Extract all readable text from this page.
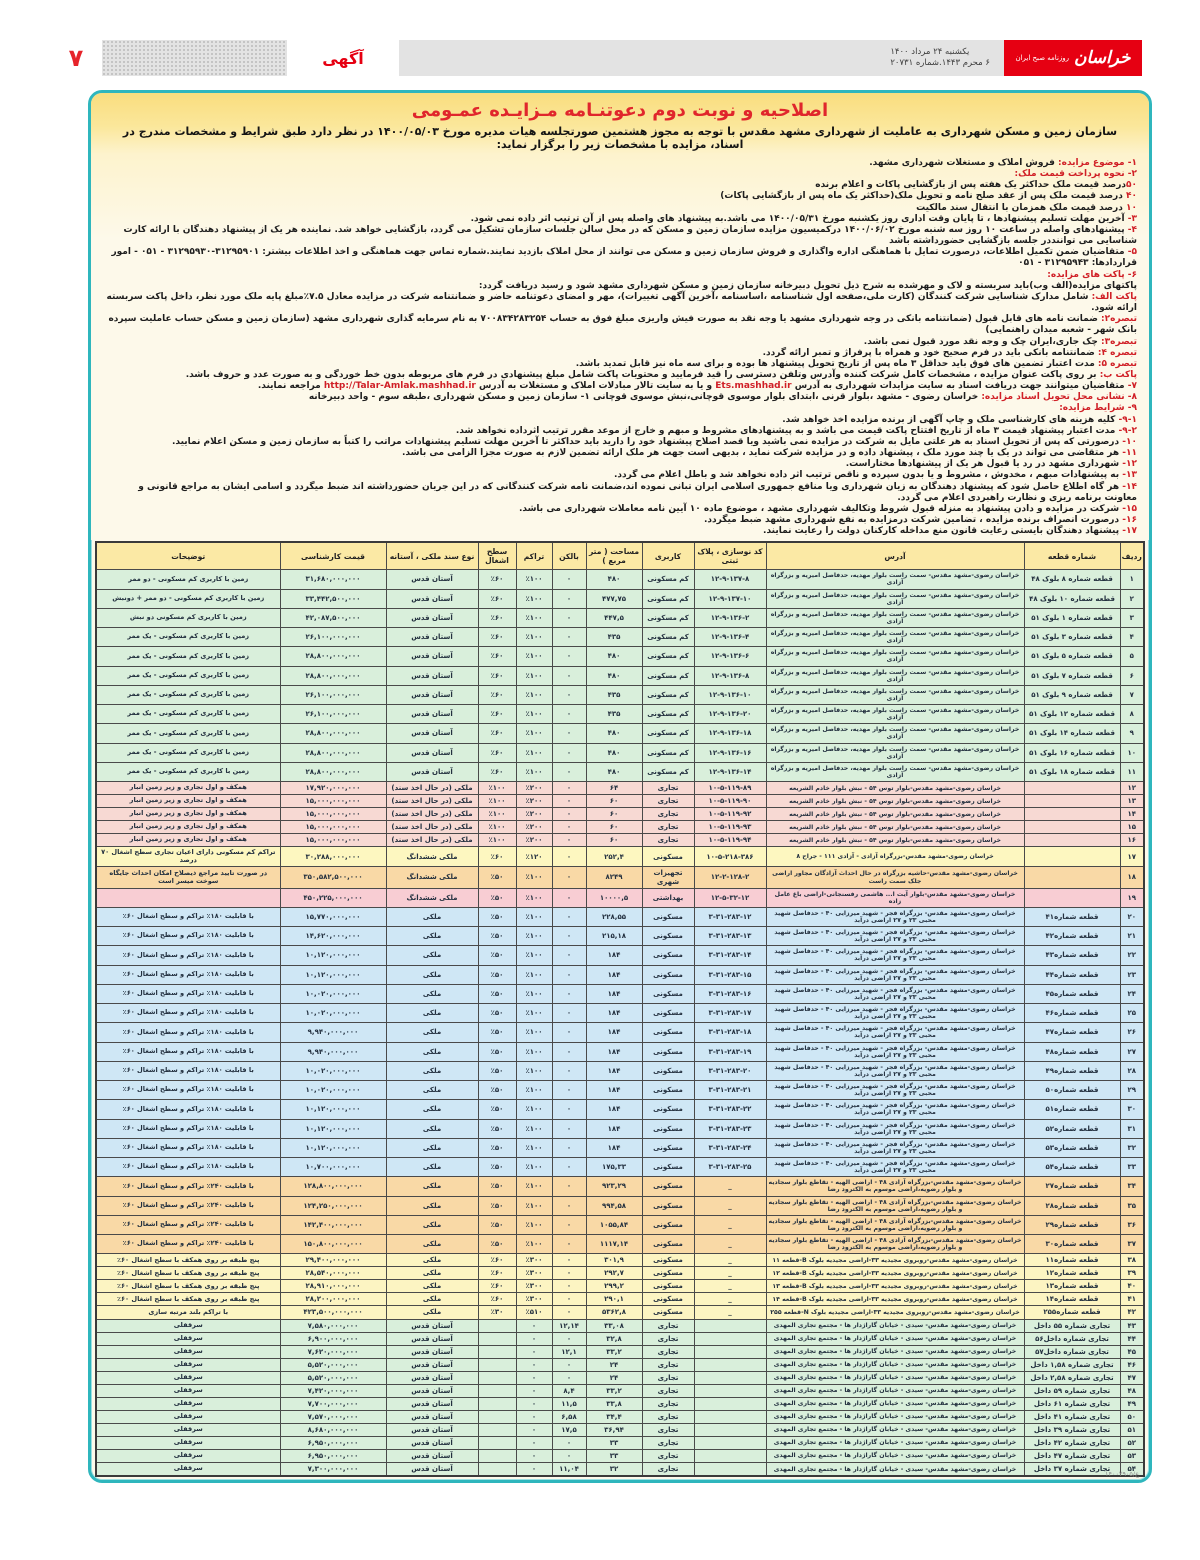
خراسان
روزنامه صبح ایران
یکشنبه ۲۴ مرداد ۱۴۰۰
۶ محرم ۱۴۴۳.شماره ۲۰۷۳۱
آگهی
۷
اصلاحیه و نوبت دوم دعوتنـامه مـزایـده عمـومی
سازمان زمین و مسکن شهرداری به عاملیت از شهرداری مشهد مقدس با توجه به مجوز هشتمین صورتجلسه هیات مدیره مورخ ۱۴۰۰/۰۵/۰۳ در نظر دارد طبق شرایط و مشخصات مندرج در اسناد، مزایده با مشخصات زیر را برگزار نماید:
۱- موضوع مزایده: فروش املاک و مستغلات شهرداری مشهد.
۲- نحوه پرداخت قیمت ملک:
۵۰درصد قیمت ملک حداکثر یک هفته پس از بازگشایی پاکات و اعلام برنده
۴۰ درصد قیمت ملک پس از عقد صلح نامه و تحویل ملک(حداکثر یک ماه پس از بازگشایی پاکات)
۱۰ درصد قیمت ملک همزمان با انتقال سند مالکیت
۳- آخرین مهلت تسلیم پیشنهادها ، تا پایان وقت اداری روز یکشنبه مورخ ۱۴۰۰/۰۵/۳۱ می باشد.به پیشنهاد های واصله پس از آن ترتیب اثر داده نمی شود.
۴- پیشنهادهای واصله در ساعت ۱۰ روز سه شنبه مورخ ۱۴۰۰/۰۶/۰۲ درکمیسیون مزایده سازمان زمین و مسکن که در محل سالن جلسات سازمان تشکیل می گردد، بازگشایی خواهد شد. نماینده هر یک از پیشنهاد دهندگان با ارائه کارت شناسایی می تواننددر جلسه بازگشایی حضورداشته باشد
۵- متقاضیان ضمن تکمیل اطلاعات، درصورت تمایل با هماهنگی اداره واگذاری و فروش سازمان زمین و مسکن می توانند از محل املاک بازدید نمایند.شماره تماس جهت هماهنگی و اخذ اطلاعات بیشتر: ۳۱۲۹۵۹۰۱-۳۱۲۹۵۹۳۰ - ۰۵۱ - امور قراردادها: ۳۱۲۹۵۹۴۳ - ۰۵۱
۶- پاکت های مزایده:
پاکتهای مزایده(الف وب)باید سربسته و لاک و مهرشده به شرح ذیل تحویل دبیرخانه سازمان زمین و مسکن شهرداری مشهد شود و رسید دریافت گردد:
پاکت الف: شامل مدارک شناسایی شرکت کنندگان (کارت ملی،صفحه اول شناسنامه ،اساسنامه ،آخرین آگهی تغییرات)، مهر و امضای دعوتنامه حاضر و ضمانتنامه شرکت در مزایده معادل ۷.۵٪مبلغ پایه ملک مورد نظر، داخل پاکت سربسته ارائه شود.
تبصره۲: ضمانت نامه های قابل قبول (ضمانتنامه بانکی در وجه شهرداری مشهد یا وجه نقد به صورت فیش واریزی مبلغ فوق به حساب ۷۰۰۸۳۴۲۸۳۲۵۴ به نام سرمایه گذاری شهرداری مشهد (سازمان زمین و مسکن حساب عاملیت سپرده بانک شهر - شعبه میدان راهنمایی)
تبصره۳: چک جاری،ایران چک و وجه نقد مورد قبول نمی باشد.
تبصره ۴: ضمانتنامه بانکی باید در فرم صحیح خود و همراه با پرفراژ و تمبر ارائه گردد.
تبصره ۵: مدت اعتبار تضمین های فوق باید حداقل ۳ ماه پس از تاریخ تحویل پیشنهاد ها بوده و برای سه ماه نیز قابل تمدید باشد.
پاکت ب: بر روی پاکت عنوان مزایده ، مشخصات کامل شرکت کننده وآدرس وتلفن دسترسی را قید فرمایید و محتویات پاکت شامل مبلغ پیشنهادی در فرم های مربوطه بدون خط خوردگی و به صورت عدد و حروف باشد.
۷- متقاضیان میتوانند جهت دریافت اسناد به سایت مزایدات شهرداری به آدرس Ets.mashhad.ir و یا به سایت تالار مبادلات املاک و مستغلات به آدرس http://Talar-Amlak.mashhad.ir مراجعه نمایند.
۸- نشانی محل تحویل اسناد مزایده: خراسان رضوی - مشهد ،بلوار قرنی ،ابتدای بلوار موسوی قوچانی،نبش موسوی قوچانی ۱- سازمان زمین و مسکن شهرداری ،طبقه سوم - واحد دبیرخانه
۹- شرایط مزایده:
۹-۱- کلیه هزینه های کارشناسی ملک و چاپ آگهی از برنده مزایده اخذ خواهد شد.
۹-۲- مدت اعتبار پیشنهاد قیمت ۳ ماه از تاریخ افتتاح پاکت قیمت می باشد و به پیشنهادهای مشروط و مبهم و خارج از موعد مقرر ترتیب اثرداده نخواهد شد.
۱۰- درصورتی که پس از تحویل اسناد به هر علتی مایل به شرکت در مزایده نمی باشید ویا قصد اصلاح پیشنهاد خود را دارید باید حداکثر تا آخرین مهلت تسلیم پیشنهادات مراتب را کتباً به سازمان زمین و مسکن اعلام نمایید.
۱۱- هر متقاضی می تواند در یک یا چند مورد ملک ، پیشنهاد داده و در مزایده شرکت نماید ، بدیهی است جهت هر ملک ارائه تضمین لازم به صورت مجزا الزامی می باشد.
۱۲- شهرداری مشهد در رد یا قبول هر یک از پیشنهادها مختاراست.
۱۳- به پیشنهادات مبهم ، مخدوش ، مشروط و یا بدون سپرده و ناقص ترتیب اثر داده نخواهد شد و باطل اعلام می گردد.
۱۴- هر گاه اطلاع حاصل شود که پیشنهاد دهندگان به زیان شهرداری ویا منافع جمهوری اسلامی ایران تبانی نموده اند،ضمانت نامه شرکت کنندگانی که در این جریان حضورداشته اند ضبط میگردد و اسامی ایشان به مراجع قانونی و معاونت برنامه ریزی و نظارت راهبردی اعلام می گردد.
۱۵- شرکت در مزایده و دادن پیشنهاد به منزله قبول شروط وتکالیف شهرداری مشهد ، موضوع ماده ۱۰ آیین نامه معاملات شهرداری می باشد.
۱۶- درصورت انصراف برنده مزایده ، تضامین شرکت درمزایده به نفع شهرداری مشهد ضبط میگردد.
۱۷- پیشنهاد دهندگان بایستی رعایت قانون منع مداخله کارکنان دولت را رعایت نمایند.
ردیف	شماره قطعه	آدرس	کد نوسازی ، پلاک ثبتی	کاربری	مساحت ( متر مربع )	بالکن	تراکم	سطح اشغال	نوع سند ملکی ، آستانه	قیمت کارشناسی	توضیحات
۱	قطعه شماره ۸ بلوک ۴۸	خراسان رضوی-مشهد مقدس- سمت راست بلوار مهدیه، حدفاصل امیریه و بزرگراه آزادی	۱۲-۹-۱۳۷-۸	کم مسکونی	۴۸۰	۰	٪۱۰۰	٪۶۰	آستان قدس	۳۱,۶۸۰,۰۰۰,۰۰۰	زمین با کاربری کم مسکونی - دو ممر
۲	قطعه شماره ۱۰ بلوک ۴۸	خراسان رضوی-مشهد مقدس- سمت راست بلوار مهدیه، حدفاصل امیریه و بزرگراه آزادی	۱۲-۹-۱۳۷-۱۰	کم مسکونی	۴۷۷,۷۵	۰	٪۱۰۰	٪۶۰	آستان قدس	۳۳,۴۴۲,۵۰۰,۰۰۰	زمین با کاربری کم مسکونی - دو ممر + دونبش
۳	قطعه شماره ۱ بلوک ۵۱	خراسان رضوی-مشهد مقدس- سمت راست بلوار مهدیه، حدفاصل امیریه و بزرگراه آزادی	۱۲-۹-۱۳۶-۲	کم مسکونی	۴۴۷,۵	۰	٪۱۰۰	٪۶۰	آستان قدس	۴۲,۰۸۷,۵۰۰,۰۰۰	زمین با کاربری کم مسکونی دو نبش
۴	قطعه شماره ۳ بلوک ۵۱	خراسان رضوی-مشهد مقدس- سمت راست بلوار مهدیه، حدفاصل امیریه و بزرگراه آزادی	۱۲-۹-۱۳۶-۴	کم مسکونی	۴۳۵	۰	٪۱۰۰	٪۶۰	آستان قدس	۲۶,۱۰۰,۰۰۰,۰۰۰	زمین با کاربری کم مسکونی - یک ممر
۵	قطعه شماره ۵ بلوک ۵۱	خراسان رضوی-مشهد مقدس- سمت راست بلوار مهدیه، حدفاصل امیریه و بزرگراه آزادی	۱۲-۹-۱۳۶-۶	کم مسکونی	۴۸۰	۰	٪۱۰۰	٪۶۰	آستان قدس	۲۸,۸۰۰,۰۰۰,۰۰۰	زمین با کاربری کم مسکونی - یک ممر
۶	قطعه شماره ۷ بلوک ۵۱	خراسان رضوی-مشهد مقدس- سمت راست بلوار مهدیه، حدفاصل امیریه و بزرگراه آزادی	۱۲-۹-۱۳۶-۸	کم مسکونی	۴۸۰	۰	٪۱۰۰	٪۶۰	آستان قدس	۲۸,۸۰۰,۰۰۰,۰۰۰	زمین با کاربری کم مسکونی - یک ممر
۷	قطعه شماره ۹ بلوک ۵۱	خراسان رضوی-مشهد مقدس- سمت راست بلوار مهدیه، حدفاصل امیریه و بزرگراه آزادی	۱۲-۹-۱۳۶-۱۰	کم مسکونی	۴۳۵	۰	٪۱۰۰	٪۶۰	آستان قدس	۲۶,۱۰۰,۰۰۰,۰۰۰	زمین با کاربری کم مسکونی - یک ممر
۸	قطعه شماره ۱۲ بلوک ۵۱	خراسان رضوی-مشهد مقدس- سمت راست بلوار مهدیه، حدفاصل امیریه و بزرگراه آزادی	۱۲-۹-۱۳۶-۲۰	کم مسکونی	۴۳۵	۰	٪۱۰۰	٪۶۰	آستان قدس	۲۶,۱۰۰,۰۰۰,۰۰۰	زمین با کاربری کم مسکونی - یک ممر
۹	قطعه شماره ۱۴ بلوک ۵۱	خراسان رضوی-مشهد مقدس- سمت راست بلوار مهدیه، حدفاصل امیریه و بزرگراه آزادی	۱۲-۹-۱۳۶-۱۸	کم مسکونی	۴۸۰	۰	٪۱۰۰	٪۶۰	آستان قدس	۲۸,۸۰۰,۰۰۰,۰۰۰	زمین با کاربری کم مسکونی - یک ممر
۱۰	قطعه شماره ۱۶ بلوک ۵۱	خراسان رضوی-مشهد مقدس- سمت راست بلوار مهدیه، حدفاصل امیریه و بزرگراه آزادی	۱۲-۹-۱۳۶-۱۶	کم مسکونی	۴۸۰	۰	٪۱۰۰	٪۶۰	آستان قدس	۲۸,۸۰۰,۰۰۰,۰۰۰	زمین با کاربری کم مسکونی - یک ممر
۱۱	قطعه شماره ۱۸ بلوک ۵۱	خراسان رضوی-مشهد مقدس- سمت راست بلوار مهدیه، حدفاصل امیریه و بزرگراه آزادی	۱۲-۹-۱۳۶-۱۴	کم مسکونی	۴۸۰	۰	٪۱۰۰	٪۶۰	آستان قدس	۲۸,۸۰۰,۰۰۰,۰۰۰	زمین با کاربری کم مسکونی - یک ممر
۱۲		خراسان رضوی-مشهد مقدس-بلوار توس ۵۴ - نبش بلوار خادم الشریعه	۱۰-۵-۱۱۹-۸۹	تجاری	۶۴	۰	٪۲۰۰	٪۱۰۰	ملکی (در حال اخذ سند)	۱۷,۹۲۰,۰۰۰,۰۰۰	همکف و اول تجاری و زیر زمین انبار
۱۳		خراسان رضوی-مشهد مقدس-بلوار توس ۵۴ - نبش بلوار خادم الشریعه	۱۰-۵-۱۱۹-۹۰	تجاری	۶۰	۰	٪۲۰۰	٪۱۰۰	ملکی (در حال اخذ سند)	۱۵,۰۰۰,۰۰۰,۰۰۰	همکف و اول تجاری و زیر زمین انبار
۱۴		خراسان رضوی-مشهد مقدس-بلوار توس ۵۴ - نبش بلوار خادم الشریعه	۱۰-۵-۱۱۹-۹۲	تجاری	۶۰	۰	٪۲۰۰	٪۱۰۰	ملکی (در حال اخذ سند)	۱۵,۰۰۰,۰۰۰,۰۰۰	همکف و اول تجاری و زیر زمین انبار
۱۵		خراسان رضوی-مشهد مقدس-بلوار توس ۵۴ - نبش بلوار خادم الشریعه	۱۰-۵-۱۱۹-۹۳	تجاری	۶۰	۰	٪۲۰۰	٪۱۰۰	ملکی (در حال اخذ سند)	۱۵,۰۰۰,۰۰۰,۰۰۰	همکف و اول تجاری و زیر زمین انبار
۱۶		خراسان رضوی-مشهد مقدس-بلوار توس ۵۴ - نبش بلوار خادم الشریعه	۱۰-۵-۱۱۹-۹۴	تجاری	۶۰	۰	٪۲۰۰	٪۱۰۰	ملکی (در حال اخذ سند)	۱۵,۰۰۰,۰۰۰,۰۰۰	همکف و اول تجاری و زیر زمین انبار
۱۷		خراسان رضوی-مشهد مقدس-بزرگراه آزادی - آزادی ۱۱۱ - جراح ۸	۱۰-۵-۲۱۸-۳۸۶	مسکونی	۲۵۲,۴	۰	٪۱۲۰	٪۶۰	ملکی ششدانگ	۳۰,۲۸۸,۰۰۰,۰۰۰	تراکم کم مسکونی دارای اعیان تجاری سطح اشغال ۷۰ درصد
۱۸		خراسان رضوی-مشهد مقدس-حاشیه بزرگراه در حال احداث آزادگان مجاور اراضی جلک سمت راست	۱۲-۲-۱۲۸-۲	تجهیزات شهری	۸۲۴۹	۰	٪۱۰۰	٪۵۰	ملکی ششدانگ	۳۵۰,۵۸۲,۵۰۰,۰۰۰	در صورت تایید مراجع ذیصلاح امکان احداث جایگاه سوخت میسر است
۱۹		خراسان رضوی-مشهد مقدس-بلوار آیت ا... هاشمی رفسنجانی-اراضی باغ عامل زاده	۱۲-۵-۳۲-۱۲	بهداشتی	۱۰۰۰۰,۵	۰	٪۱۰۰	٪۵۰	ملکی ششدانگ	۴۵۰,۲۲۵,۰۰۰,۰۰۰	
۲۰	قطعه شماره۴۱	خراسان رضوی-مشهد مقدس- بزرگراه فجر - شهید میرزایی ۴۰ - حدفاصل شهید محبی ۲۳ و ۲۷ اراضی درآبد	۳-۳۱-۲۸۳-۱۲	مسکونی	۲۲۸,۵۵	۰	٪۱۰۰	٪۵۰	ملکی	۱۵,۷۷۰,۰۰۰,۰۰۰	با قابلیت ۱۸۰٪ تراکم و سطح اشغال ۶۰٪
۲۱	قطعه شماره۴۲	خراسان رضوی-مشهد مقدس- بزرگراه فجر - شهید میرزایی ۴۰ - حدفاصل شهید محبی ۲۳ و ۲۷ اراضی درآبد	۳-۳۱-۲۸۳-۱۳	مسکونی	۲۱۵,۱۸	۰	٪۱۰۰	٪۵۰	ملکی	۱۴,۶۲۰,۰۰۰,۰۰۰	با قابلیت ۱۸۰٪ تراکم و سطح اشغال ۶۰٪
۲۲	قطعه شماره۴۳	خراسان رضوی-مشهد مقدس- بزرگراه فجر - شهید میرزایی ۴۰ - حدفاصل شهید محبی ۲۳ و ۲۷ اراضی درآبد	۳-۳۱-۲۸۳-۱۴	مسکونی	۱۸۴	۰	٪۱۰۰	٪۵۰	ملکی	۱۰,۱۲۰,۰۰۰,۰۰۰	با قابلیت ۱۸۰٪ تراکم و سطح اشغال ۶۰٪
۲۳	قطعه شماره۴۴	خراسان رضوی-مشهد مقدس- بزرگراه فجر - شهید میرزایی ۴۰ - حدفاصل شهید محبی ۲۳ و ۲۷ اراضی درآبد	۳-۳۱-۲۸۳-۱۵	مسکونی	۱۸۴	۰	٪۱۰۰	٪۵۰	ملکی	۱۰,۱۲۰,۰۰۰,۰۰۰	با قابلیت ۱۸۰٪ تراکم و سطح اشغال ۶۰٪
۲۴	قطعه شماره۴۵	خراسان رضوی-مشهد مقدس- بزرگراه فجر - شهید میرزایی ۴۰ - حدفاصل شهید محبی ۲۳ و ۲۷ اراضی درآبد	۳-۳۱-۲۸۳-۱۶	مسکونی	۱۸۴	۰	٪۱۰۰	٪۵۰	ملکی	۱۰,۰۲۰,۰۰۰,۰۰۰	با قابلیت ۱۸۰٪ تراکم و سطح اشغال ۶۰٪
۲۵	قطعه شماره۴۶	خراسان رضوی-مشهد مقدس- بزرگراه فجر - شهید میرزایی ۴۰ - حدفاصل شهید محبی ۲۳ و ۲۷ اراضی درآبد	۳-۳۱-۲۸۳-۱۷	مسکونی	۱۸۴	۰	٪۱۰۰	٪۵۰	ملکی	۱۰,۰۲۰,۰۰۰,۰۰۰	با قابلیت ۱۸۰٪ تراکم و سطح اشغال ۶۰٪
۲۶	قطعه شماره۴۷	خراسان رضوی-مشهد مقدس- بزرگراه فجر - شهید میرزایی ۴۰ - حدفاصل شهید محبی ۲۳ و ۲۷ اراضی درآبد	۳-۳۱-۲۸۳-۱۸	مسکونی	۱۸۴	۰	٪۱۰۰	٪۵۰	ملکی	۹,۹۴۰,۰۰۰,۰۰۰	با قابلیت ۱۸۰٪ تراکم و سطح اشغال ۶۰٪
۲۷	قطعه شماره۴۸	خراسان رضوی-مشهد مقدس- بزرگراه فجر - شهید میرزایی ۴۰ - حدفاصل شهید محبی ۲۳ و ۲۷ اراضی درآبد	۳-۳۱-۲۸۳-۱۹	مسکونی	۱۸۴	۰	٪۱۰۰	٪۵۰	ملکی	۹,۹۴۰,۰۰۰,۰۰۰	با قابلیت ۱۸۰٪ تراکم و سطح اشغال ۶۰٪
۲۸	قطعه شماره۴۹	خراسان رضوی-مشهد مقدس- بزرگراه فجر - شهید میرزایی ۴۰ - حدفاصل شهید محبی ۲۳ و ۲۷ اراضی درآبد	۳-۳۱-۲۸۳-۲۰	مسکونی	۱۸۴	۰	٪۱۰۰	٪۵۰	ملکی	۱۰,۰۲۰,۰۰۰,۰۰۰	با قابلیت ۱۸۰٪ تراکم و سطح اشغال ۶۰٪
۲۹	قطعه شماره۵۰	خراسان رضوی-مشهد مقدس- بزرگراه فجر - شهید میرزایی ۴۰ - حدفاصل شهید محبی ۲۳ و ۲۷ اراضی درآبد	۳-۳۱-۲۸۳-۲۱	مسکونی	۱۸۴	۰	٪۱۰۰	٪۵۰	ملکی	۱۰,۰۲۰,۰۰۰,۰۰۰	با قابلیت ۱۸۰٪ تراکم و سطح اشغال ۶۰٪
۳۰	قطعه شماره۵۱	خراسان رضوی-مشهد مقدس- بزرگراه فجر - شهید میرزایی ۴۰ - حدفاصل شهید محبی ۲۳ و ۲۷ اراضی درآبد	۳-۳۱-۲۸۳-۲۲	مسکونی	۱۸۴	۰	٪۱۰۰	٪۵۰	ملکی	۱۰,۱۲۰,۰۰۰,۰۰۰	با قابلیت ۱۸۰٪ تراکم و سطح اشغال ۶۰٪
۳۱	قطعه شماره۵۲	خراسان رضوی-مشهد مقدس- بزرگراه فجر - شهید میرزایی ۴۰ - حدفاصل شهید محبی ۲۳ و ۲۷ اراضی درآبد	۳-۳۱-۲۸۳-۲۳	مسکونی	۱۸۴	۰	٪۱۰۰	٪۵۰	ملکی	۱۰,۱۲۰,۰۰۰,۰۰۰	با قابلیت ۱۸۰٪ تراکم و سطح اشغال ۶۰٪
۳۲	قطعه شماره۵۳	خراسان رضوی-مشهد مقدس- بزرگراه فجر - شهید میرزایی ۴۰ - حدفاصل شهید محبی ۲۳ و ۲۷ اراضی درآبد	۳-۳۱-۲۸۳-۲۴	مسکونی	۱۸۴	۰	٪۱۰۰	٪۵۰	ملکی	۱۰,۱۲۰,۰۰۰,۰۰۰	با قابلیت ۱۸۰٪ تراکم و سطح اشغال ۶۰٪
۳۳	قطعه شماره۵۴	خراسان رضوی-مشهد مقدس- بزرگراه فجر - شهید میرزایی ۴۰ - حدفاصل شهید محبی ۲۳ و ۲۷ اراضی درآبد	۳-۳۱-۲۸۳-۲۵	مسکونی	۱۷۵,۳۳	۰	٪۱۰۰	٪۵۰	ملکی	۱۰,۷۰۰,۰۰۰,۰۰۰	با قابلیت ۱۸۰٪ تراکم و سطح اشغال ۶۰٪
۳۴	قطعه شماره۲۷	خراسان رضوی-مشهد مقدس-بزرگراه آزادی ۴۸ - اراضی الهیه - تقاطع بلوار سجادیه و بلوار رضویه،اراضی موسوم به الکترود رضا	_	مسکونی	۹۲۳,۲۹	۰	٪۱۰۰	٪۵۰	ملکی	۱۲۸,۸۰۰,۰۰۰,۰۰۰	با قابلیت ۲۴۰٪ تراکم و سطح اشغال ۶۰٪
۳۵	قطعه شماره۲۸	خراسان رضوی-مشهد مقدس-بزرگراه آزادی ۴۸ - اراضی الهیه - تقاطع بلوار سجادیه و بلوار رضویه،اراضی موسوم به الکترود رضا	_	مسکونی	۹۹۴,۵۸	۰	٪۱۰۰	٪۵۰	ملکی	۱۲۴,۲۵۰,۰۰۰,۰۰۰	با قابلیت ۲۴۰٪ تراکم و سطح اشغال ۶۰٪
۳۶	قطعه شماره۲۹	خراسان رضوی-مشهد مقدس-بزرگراه آزادی ۴۸ - اراضی الهیه - تقاطع بلوار سجادیه و بلوار رضویه،اراضی موسوم به الکترود رضا	_	مسکونی	۱۰۵۵,۸۴	۰	٪۱۰۰	٪۵۰	ملکی	۱۴۲,۴۰۰,۰۰۰,۰۰۰	با قابلیت ۲۴۰٪ تراکم و سطح اشغال ۶۰٪
۳۷	قطعه شماره۳۰	خراسان رضوی-مشهد مقدس-بزرگراه آزادی ۴۸ - اراضی الهیه - تقاطع بلوار سجادیه و بلوار رضویه،اراضی موسوم به الکترود رضا	_	مسکونی	۱۱۱۷,۱۴	۰	٪۱۰۰	٪۵۰	ملکی	۱۵۰,۸۰۰,۰۰۰,۰۰۰	با قابلیت ۲۴۰٪ تراکم و سطح اشغال ۶۰٪
۳۸	قطعه شماره۱۱	خراسان رضوی-مشهد مقدس-روبروی مجیدیه ۳۳-اراضی مجیدیه بلوک B-قطعه ۱۱	_	مسکونی	۳۰۱,۹	۰	٪۳۰۰	٪۶۰	ملکی	۲۹,۴۰۰,۰۰۰,۰۰۰	پنج طبقه بر روی همکف با سطح اشغال ۶۰٪
۳۹	قطعه شماره۱۲	خراسان رضوی-مشهد مقدس-روبروی مجیدیه ۳۳-اراضی مجیدیه بلوک B-قطعه ۱۲	_	مسکونی	۲۹۲,۷	۰	٪۳۰۰	٪۶۰	ملکی	۲۸,۵۴۰,۰۰۰,۰۰۰	پنج طبقه بر روی همکف با سطح اشغال ۶۰٪
۴۰	قطعه شماره۱۳	خراسان رضوی-مشهد مقدس-روبروی مجیدیه ۳۳-اراضی مجیدیه بلوک B-قطعه ۱۳	_	مسکونی	۲۹۹,۲	۰	٪۳۰۰	٪۶۰	ملکی	۲۸,۹۱۰,۰۰۰,۰۰۰	پنج طبقه بر روی همکف با سطح اشغال ۶۰٪
۴۱	قطعه شماره۱۴	خراسان رضوی-مشهد مقدس-روبروی مجیدیه ۳۳-اراضی مجیدیه بلوک B-قطعه ۱۴	_	مسکونی	۲۹۰,۱	۰	٪۳۰۰	٪۶۰	ملکی	۲۸,۲۰۰,۰۰۰,۰۰۰	پنج طبقه بر روی همکف با سطح اشغال ۶۰٪
۴۲	قطعه شماره۲۵۵	خراسان رضوی-مشهد مقدس-روبروی مجیدیه ۳۳-اراضی مجیدیه بلوک N-قطعه ۲۵۵	_	مسکونی	۵۳۶۲,۸	۰	٪۵۱۰	٪۳۰	ملکی	۴۲۳,۵۰۰,۰۰۰,۰۰۰	با تراکم بلند مرتبه سازی
۴۳	تجاری شماره ۵۵ داخل	خراسان رضوی-مشهد مقدس- سیدی - خیابان گاراژدار ها - مجتمع تجاری المهدی		تجاری	۳۳,۰۸	۱۲,۱۴	۰		آستان قدس	۷,۵۸۰,۰۰۰,۰۰۰	سرقفلی
۴۴	تجاری شماره داخل۵۶	خراسان رضوی-مشهد مقدس- سیدی - خیابان گاراژدار ها - مجتمع تجاری المهدی		تجاری	۳۲,۸	۰	۰		آستان قدس	۶,۹۰۰,۰۰۰,۰۰۰	سرقفلی
۴۵	تجاری شماره داخل۵۷	خراسان رضوی-مشهد مقدس- سیدی - خیابان گاراژدار ها - مجتمع تجاری المهدی		تجاری	۳۳,۲	۱۲,۱	۰		آستان قدس	۷,۶۲۰,۰۰۰,۰۰۰	سرقفلی
۴۶	تجاری شماره ۱,۵۸ داخل	خراسان رضوی-مشهد مقدس- سیدی - خیابان گاراژدار ها - مجتمع تجاری المهدی		تجاری	۲۴	۰	۰		آستان قدس	۵,۵۲۰,۰۰۰,۰۰۰	سرقفلی
۴۷	تجاری شماره ۲,۵۸ داخل	خراسان رضوی-مشهد مقدس- سیدی - خیابان گاراژدار ها - مجتمع تجاری المهدی		تجاری	۲۴	۰	۰		آستان قدس	۵,۵۲۰,۰۰۰,۰۰۰	سرقفلی
۴۸	تجاری شماره ۵۹ داخل	خراسان رضوی-مشهد مقدس- سیدی - خیابان گاراژدار ها - مجتمع تجاری المهدی		تجاری	۳۳,۲	۸,۴	۰		آستان قدس	۷,۴۲۰,۰۰۰,۰۰۰	سرقفلی
۴۹	تجاری شماره ۶۱ داخل	خراسان رضوی-مشهد مقدس- سیدی - خیابان گاراژدار ها - مجتمع تجاری المهدی		تجاری	۳۳,۸	۱۱,۵	۰		آستان قدس	۷,۷۰۰,۰۰۰,۰۰۰	سرقفلی
۵۰	تجاری شماره ۴۱ داخل	خراسان رضوی-مشهد مقدس- سیدی - خیابان گاراژدار ها - مجتمع تجاری المهدی		تجاری	۳۴,۴	۶,۵۸	۰		آستان قدس	۷,۵۷۰,۰۰۰,۰۰۰	سرقفلی
۵۱	تجاری شماره ۳۹ داخل	خراسان رضوی-مشهد مقدس- سیدی - خیابان گاراژدار ها - مجتمع تجاری المهدی		تجاری	۳۶,۹۴	۱۷,۵	۰		آستان قدس	۸,۶۸۰,۰۰۰,۰۰۰	سرقفلی
۵۲	تجاری شماره ۴۲ داخل	خراسان رضوی-مشهد مقدس- سیدی - خیابان گاراژدار ها - مجتمع تجاری المهدی		تجاری	۳۳	۰	۰		آستان قدس	۶,۹۵۰,۰۰۰,۰۰۰	سرقفلی
۵۳	تجاری شماره ۴۷ داخل	خراسان رضوی-مشهد مقدس- سیدی - خیابان گاراژدار ها - مجتمع تجاری المهدی		تجاری	۳۳	۰	۰		آستان قدس	۶,۹۵۰,۰۰۰,۰۰۰	سرقفلی
۵۴	تجاری شماره ۳۷ داخل	خراسان رضوی-مشهد مقدس- سیدی - خیابان گاراژدار ها - مجتمع تجاری المهدی		تجاری	۳۲	۱۱,۰۴	۰		آستان قدس	۷,۳۰۰,۰۰۰,۰۰۰	سرقفلی
ع/۱۴۰۰۲۹۰۵
